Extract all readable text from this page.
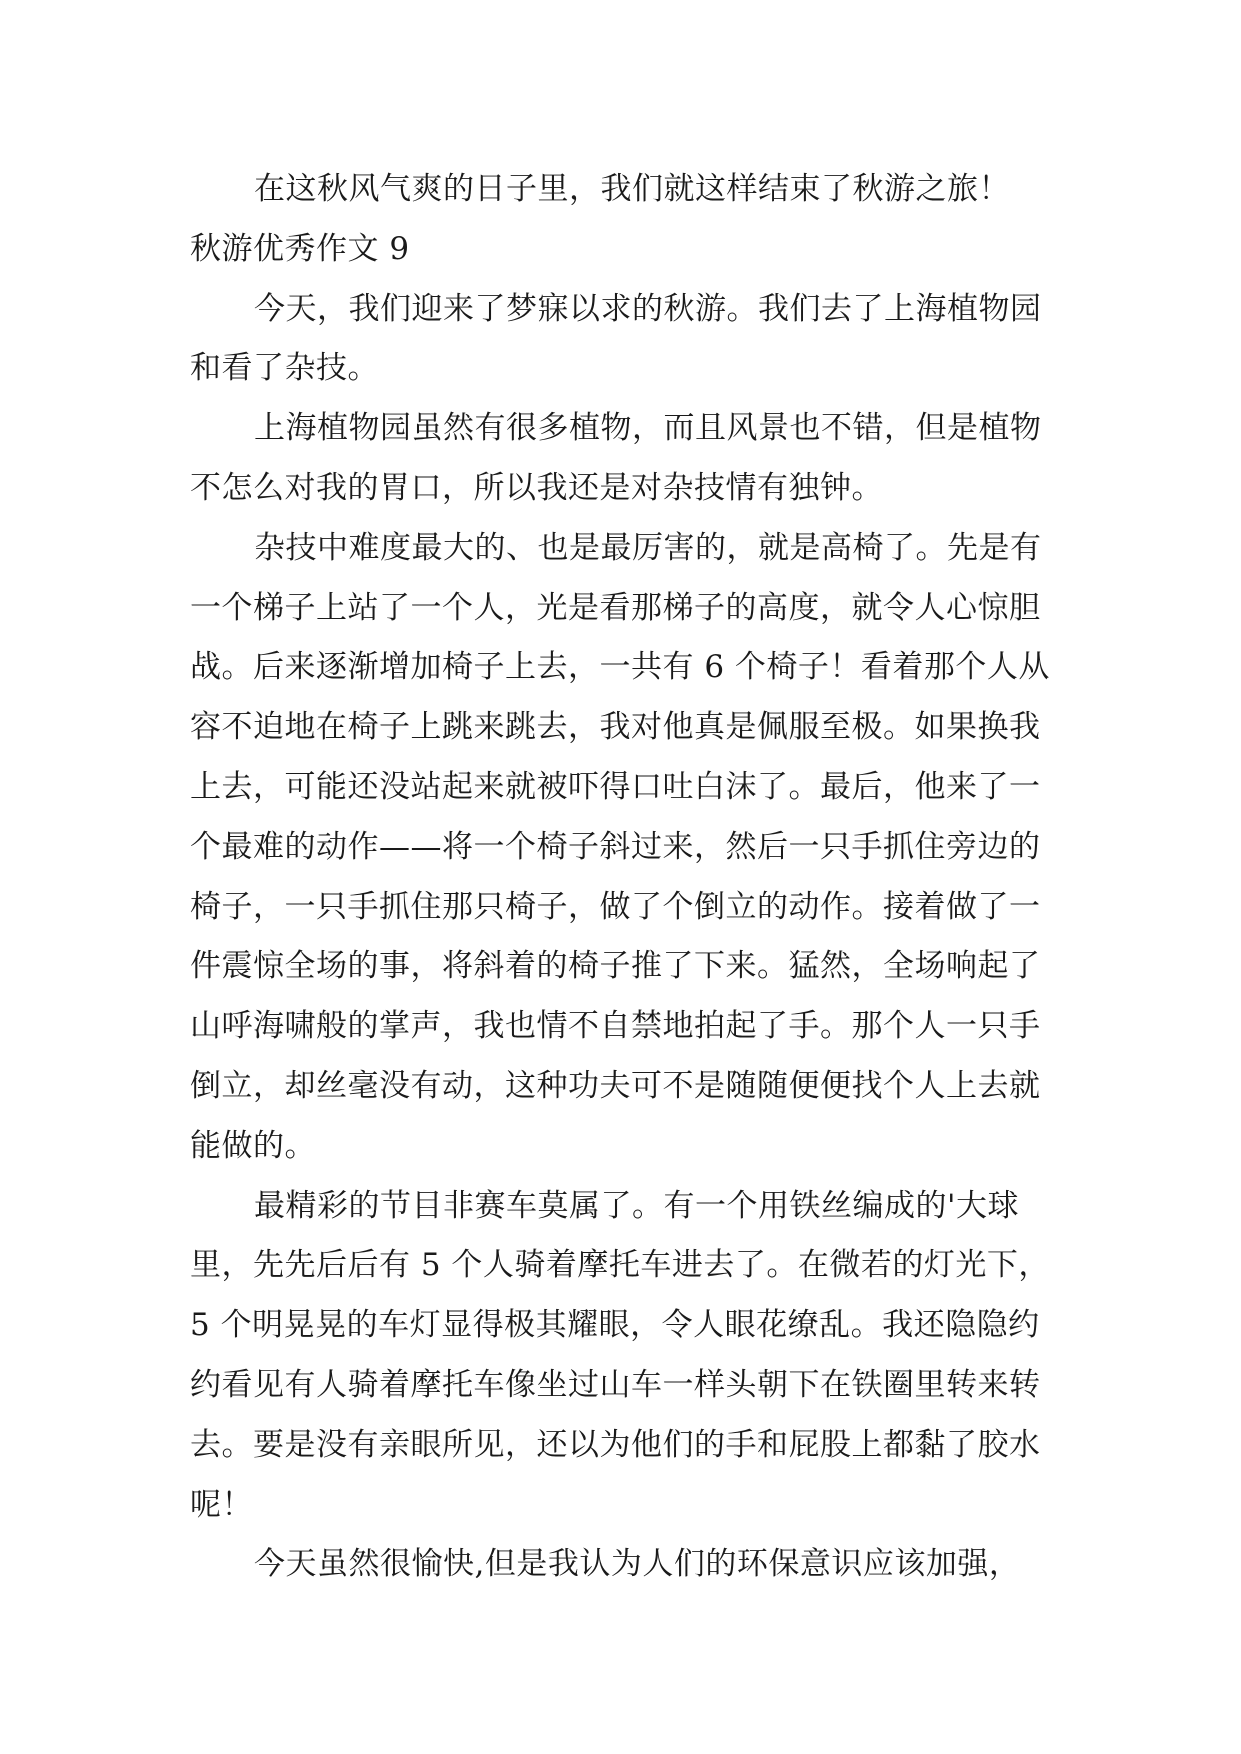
在这秋风气爽的日子里，我们就这样结束了秋游之旅！

秋游优秀作文 9

今天，我们迎来了梦寐以求的秋游。我们去了上海植物园和看了杂技。

上海植物园虽然有很多植物，而且风景也不错，但是植物不怎么对我的胃口，所以我还是对杂技情有独钟。

杂技中难度最大的、也是最厉害的，就是高椅了。先是有一个梯子上站了一个人，光是看那梯子的高度，就令人心惊胆战。后来逐渐增加椅子上去，一共有 6 个椅子！看着那个人从容不迫地在椅子上跳来跳去，我对他真是佩服至极。如果换我上去，可能还没站起来就被吓得口吐白沫了。最后，他来了一个最难的动作——将一个椅子斜过来，然后一只手抓住旁边的椅子，一只手抓住那只椅子，做了个倒立的动作。接着做了一件震惊全场的事，将斜着的椅子推了下来。猛然，全场响起了山呼海啸般的掌声，我也情不自禁地拍起了手。那个人一只手倒立，却丝毫没有动，这种功夫可不是随随便便找个人上去就能做的。

最精彩的节目非赛车莫属了。有一个用铁丝编成的'大球里，先先后后有 5 个人骑着摩托车进去了。在微若的灯光下，5 个明晃晃的车灯显得极其耀眼，令人眼花缭乱。我还隐隐约约看见有人骑着摩托车像坐过山车一样头朝下在铁圈里转来转去。要是没有亲眼所见，还以为他们的手和屁股上都黏了胶水呢！

今天虽然很愉快,但是我认为人们的环保意识应该加强，
